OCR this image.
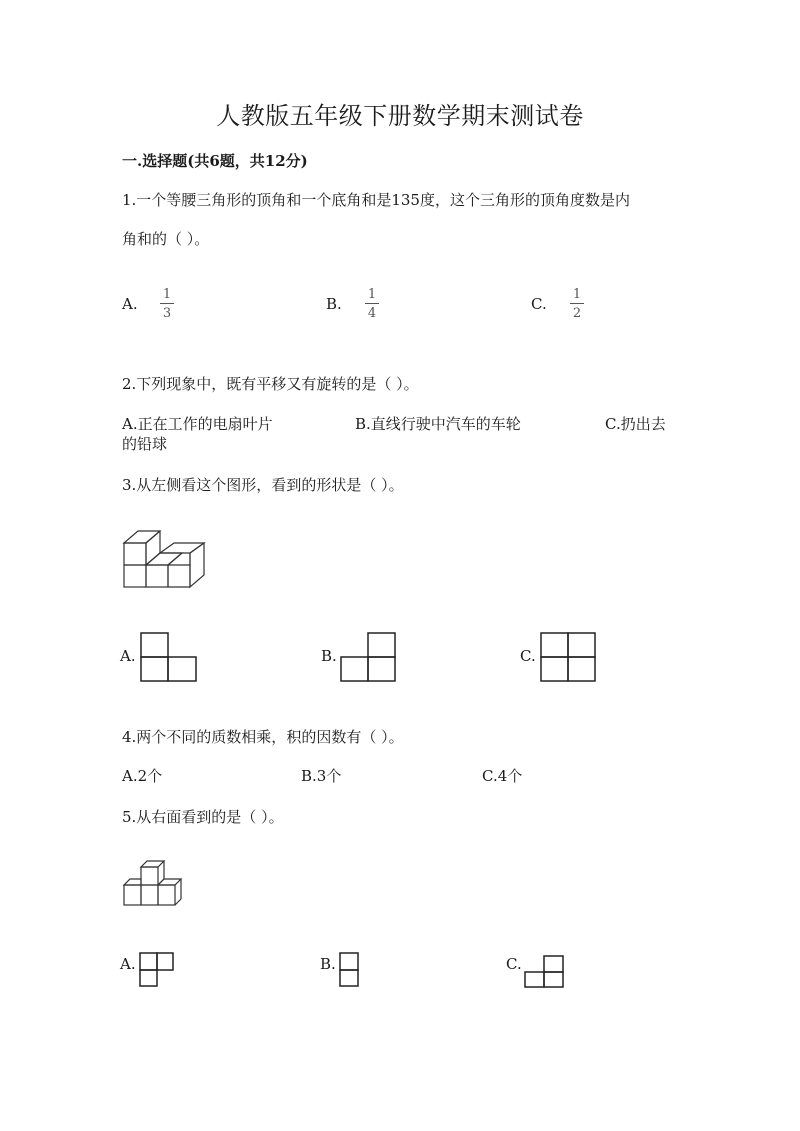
人教版五年级下册数学期末测试卷
一.选择题(共6题，共12分)
1.一个等腰三角形的顶角和一个底角和是135度，这个三角形的顶角度数是内
角和的（ ）。
A.
1
3
B.
1
4
C.
1
2
2.下列现象中，既有平移又有旋转的是（ ）。
A.正在工作的电扇叶片	B.直线行驶中汽车的车轮	C.扔出去
的铅球
3.从左侧看这个图形，看到的形状是（ ）。
A.	B.	C.
4.两个不同的质数相乘，积的因数有（ ）。
A.2个	B.3个	C.4个
5.从右面看到的是（ ）。
A.	B.	C.
